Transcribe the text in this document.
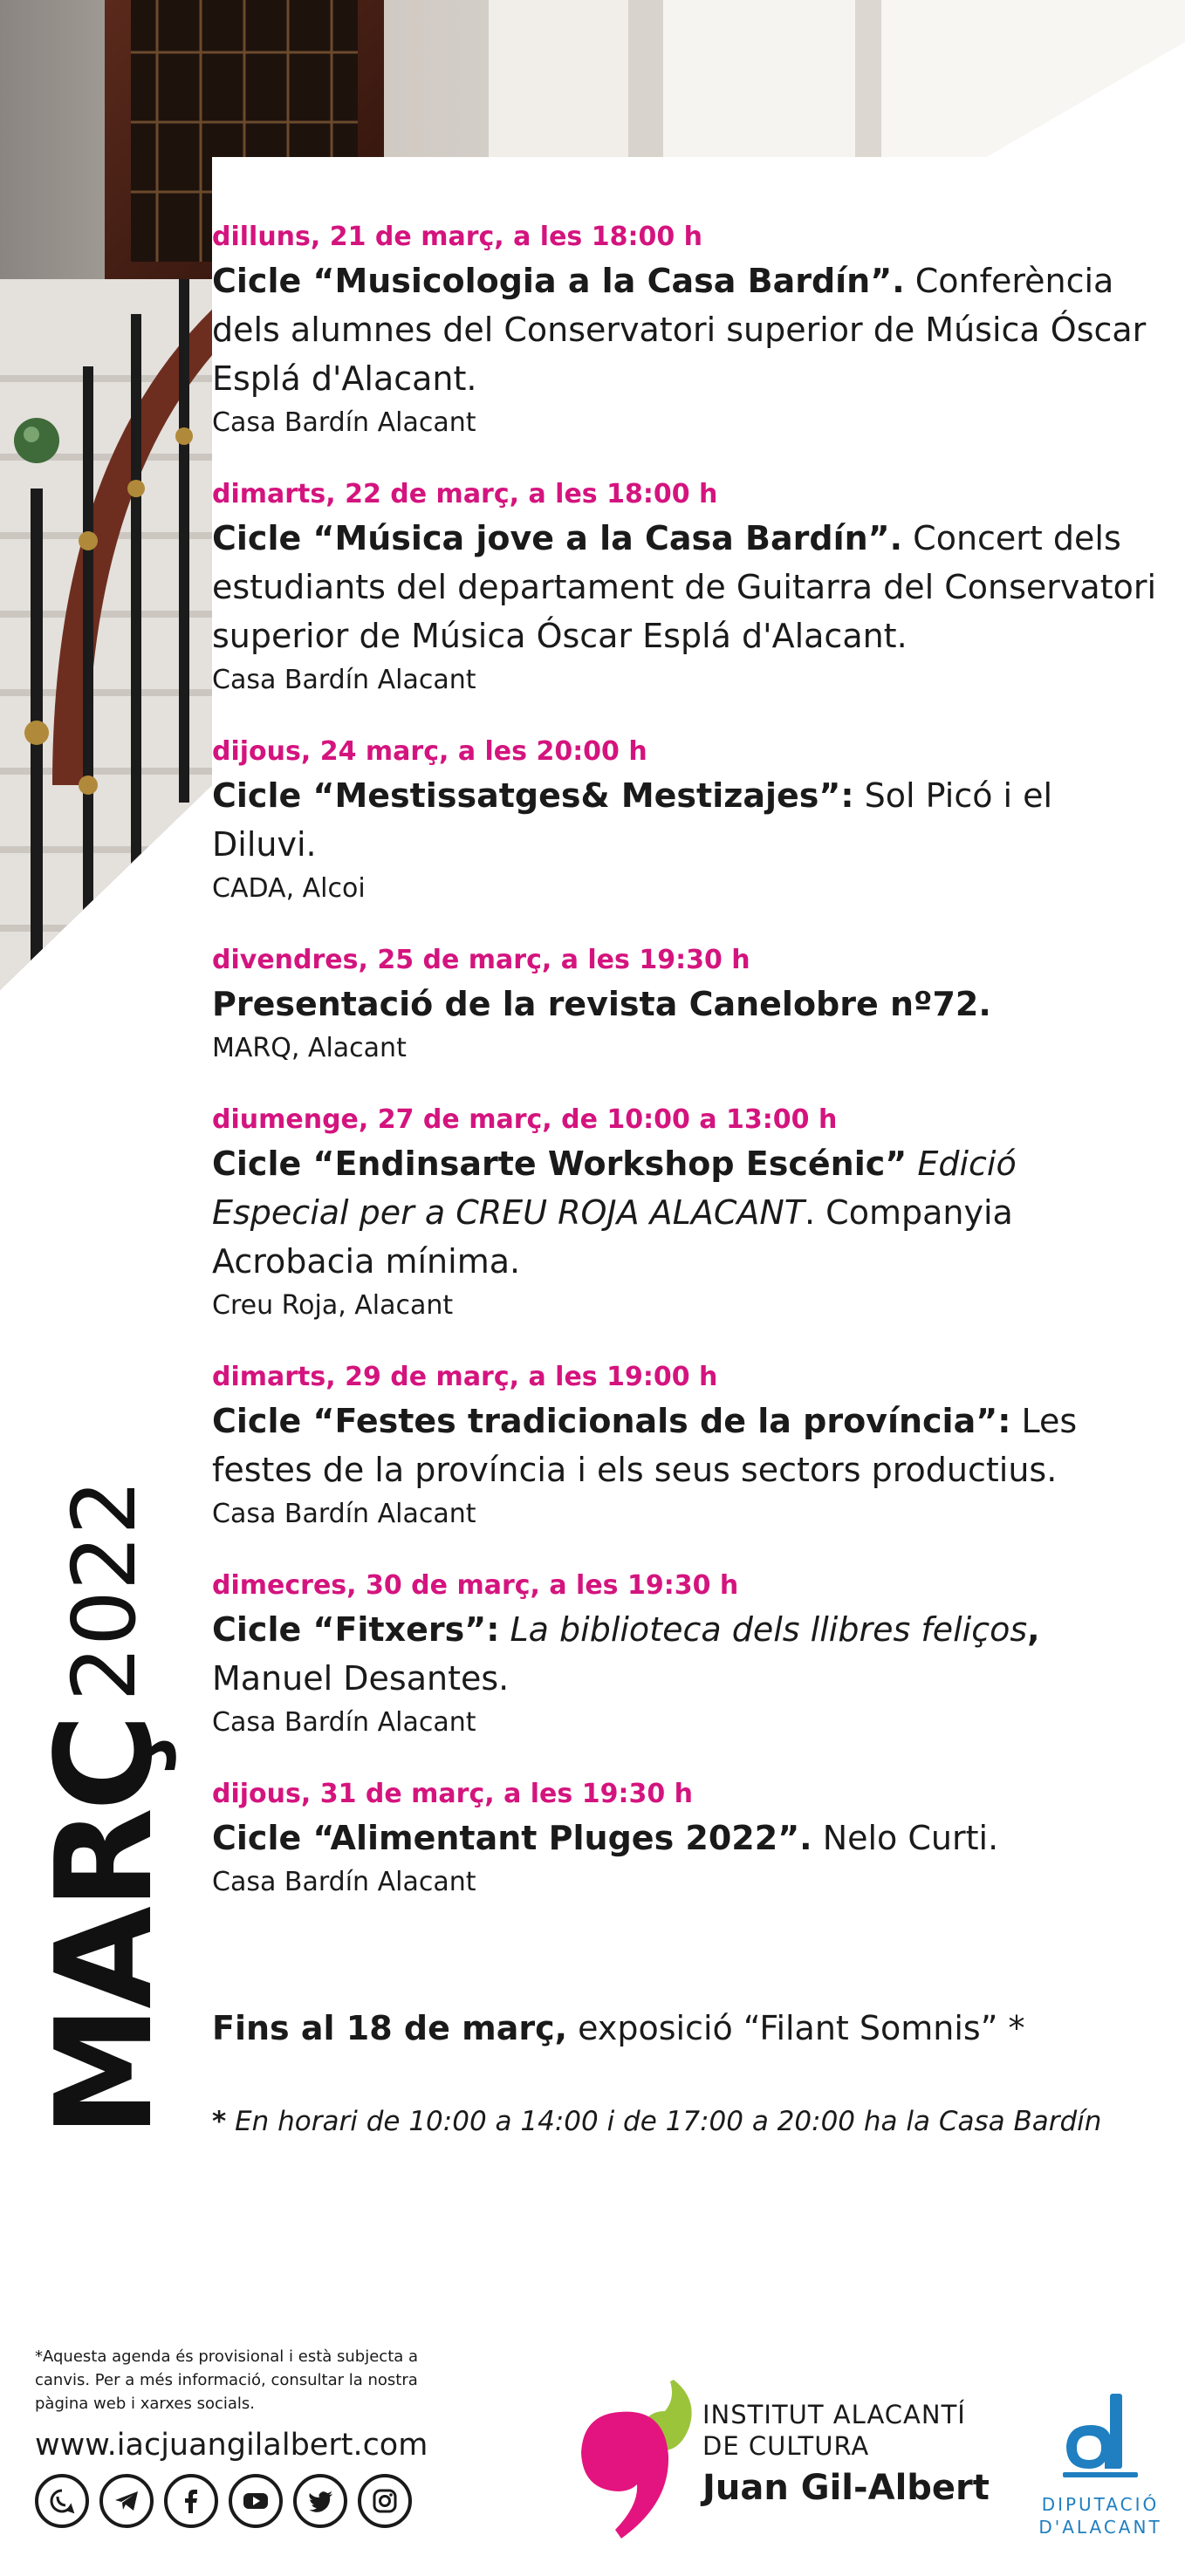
MARÇ2022
dilluns, 21 de març, a les 18:00 h
Cicle “Musicologia a la Casa Bardín”. Conferència dels alumnes del Conservatori superior de Música Óscar Esplá d'Alacant.
Casa Bardín Alacant
dimarts, 22 de març, a les 18:00 h
Cicle “Música jove a la Casa Bardín”. Concert dels estudiants del departament de Guitarra del Conservatori superior de Música Óscar Esplá d'Alacant.
Casa Bardín Alacant
dijous, 24 març, a les 20:00 h
Cicle “Mestissatges& Mestizajes”: Sol Picó i el Diluvi.
CADA, Alcoi
divendres, 25 de març, a les 19:30 h
Presentació de la revista Canelobre nº72.
MARQ, Alacant
diumenge, 27 de març, de 10:00 a 13:00 h
Cicle “Endinsarte Workshop Escénic” Edició Especial per a CREU ROJA ALACANT. Companyia Acrobacia mínima.
Creu Roja, Alacant
dimarts, 29 de març, a les 19:00 h
Cicle “Festes tradicionals de la província”: Les festes de la província i els seus sectors productius.
Casa Bardín Alacant
dimecres, 30 de març, a les 19:30 h
Cicle “Fitxers”: La biblioteca dels llibres feliços, Manuel Desantes.
Casa Bardín Alacant
dijous, 31 de març, a les 19:30 h
Cicle “Alimentant Pluges 2022”. Nelo Curti.
Casa Bardín Alacant
Fins al 18 de març, exposició “Filant Somnis” *
* En horari de 10:00 a 14:00 i de 17:00 a 20:00 ha la Casa Bardín
*Aquesta agenda és provisional i està subjecta a canvis. Per a més informació, consultar la nostra pàgina web i xarxes socials.
www.iacjuangilalbert.com
INSTITUT ALACANTÍ
DE CULTURA
Juan Gil-Albert	DIPUTACIÓ
D'ALACANT
